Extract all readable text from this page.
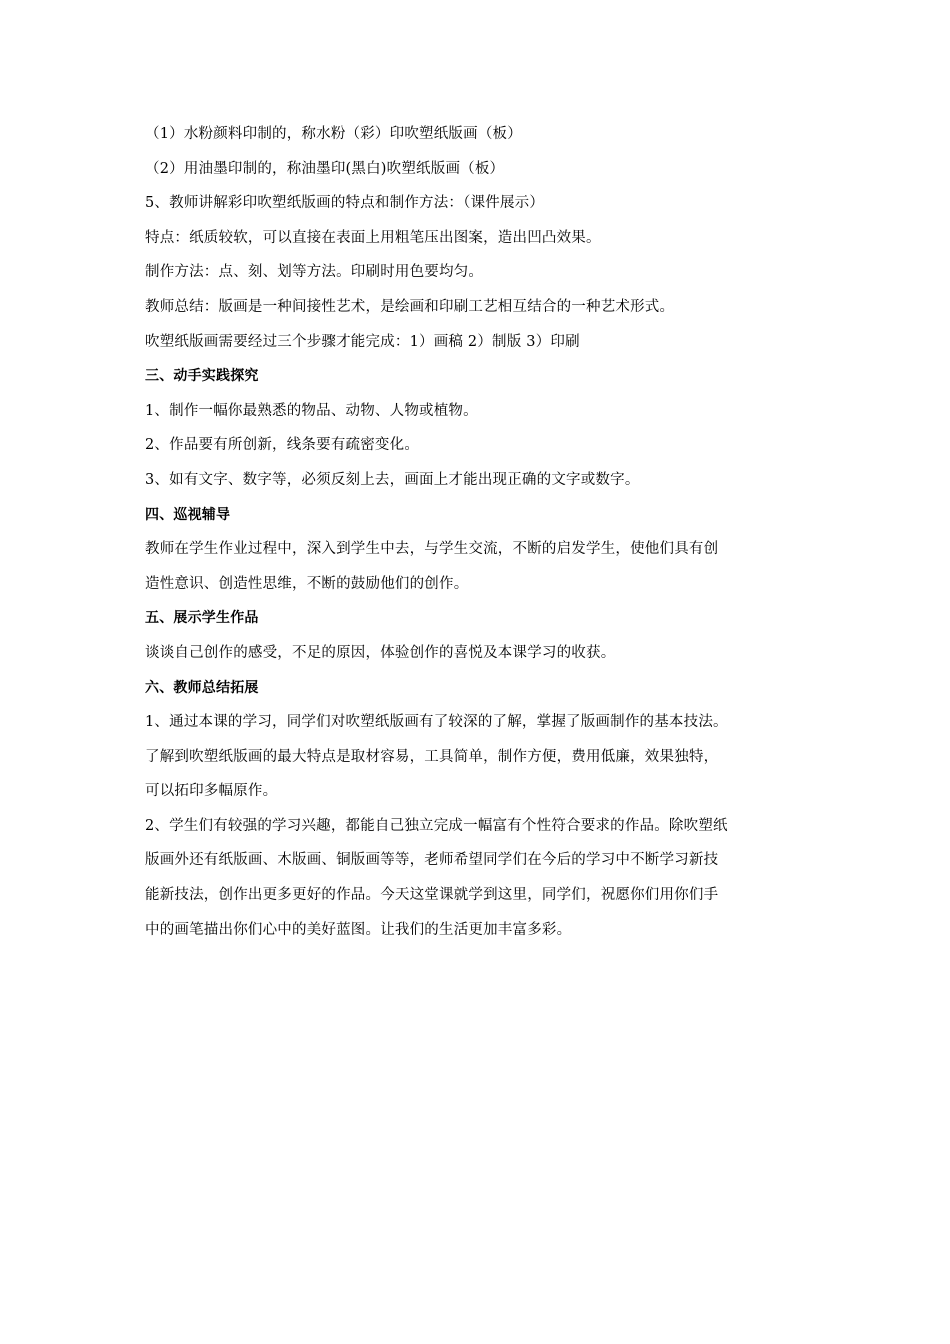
（1）水粉颜料印制的，称水粉（彩）印吹塑纸版画（板）
（2）用油墨印制的，称油墨印(黑白)吹塑纸版画（板）
5、教师讲解彩印吹塑纸版画的特点和制作方法：（课件展示）
特点：纸质较软，可以直接在表面上用粗笔压出图案，造出凹凸效果。
制作方法：点、刻、划等方法。印刷时用色要均匀。
教师总结：版画是一种间接性艺术，是绘画和印刷工艺相互结合的一种艺术形式。
吹塑纸版画需要经过三个步骤才能完成：1）画稿 2）制版 3）印刷
三、动手实践探究
1、制作一幅你最熟悉的物品、动物、人物或植物。
2、作品要有所创新，线条要有疏密变化。
3、如有文字、数字等，必须反刻上去，画面上才能出现正确的文字或数字。
四、巡视辅导
教师在学生作业过程中，深入到学生中去，与学生交流，不断的启发学生，使他们具有创
造性意识、创造性思维，不断的鼓励他们的创作。
五、展示学生作品
谈谈自己创作的感受，不足的原因，体验创作的喜悦及本课学习的收获。
六、教师总结拓展
1、通过本课的学习，同学们对吹塑纸版画有了较深的了解，掌握了版画制作的基本技法。
了解到吹塑纸版画的最大特点是取材容易，工具简单，制作方便，费用低廉，效果独特，
可以拓印多幅原作。
2、学生们有较强的学习兴趣，都能自己独立完成一幅富有个性符合要求的作品。除吹塑纸
版画外还有纸版画、木版画、铜版画等等，老师希望同学们在今后的学习中不断学习新技
能新技法，创作出更多更好的作品。今天这堂课就学到这里，同学们，祝愿你们用你们手
中的画笔描出你们心中的美好蓝图。让我们的生活更加丰富多彩。
